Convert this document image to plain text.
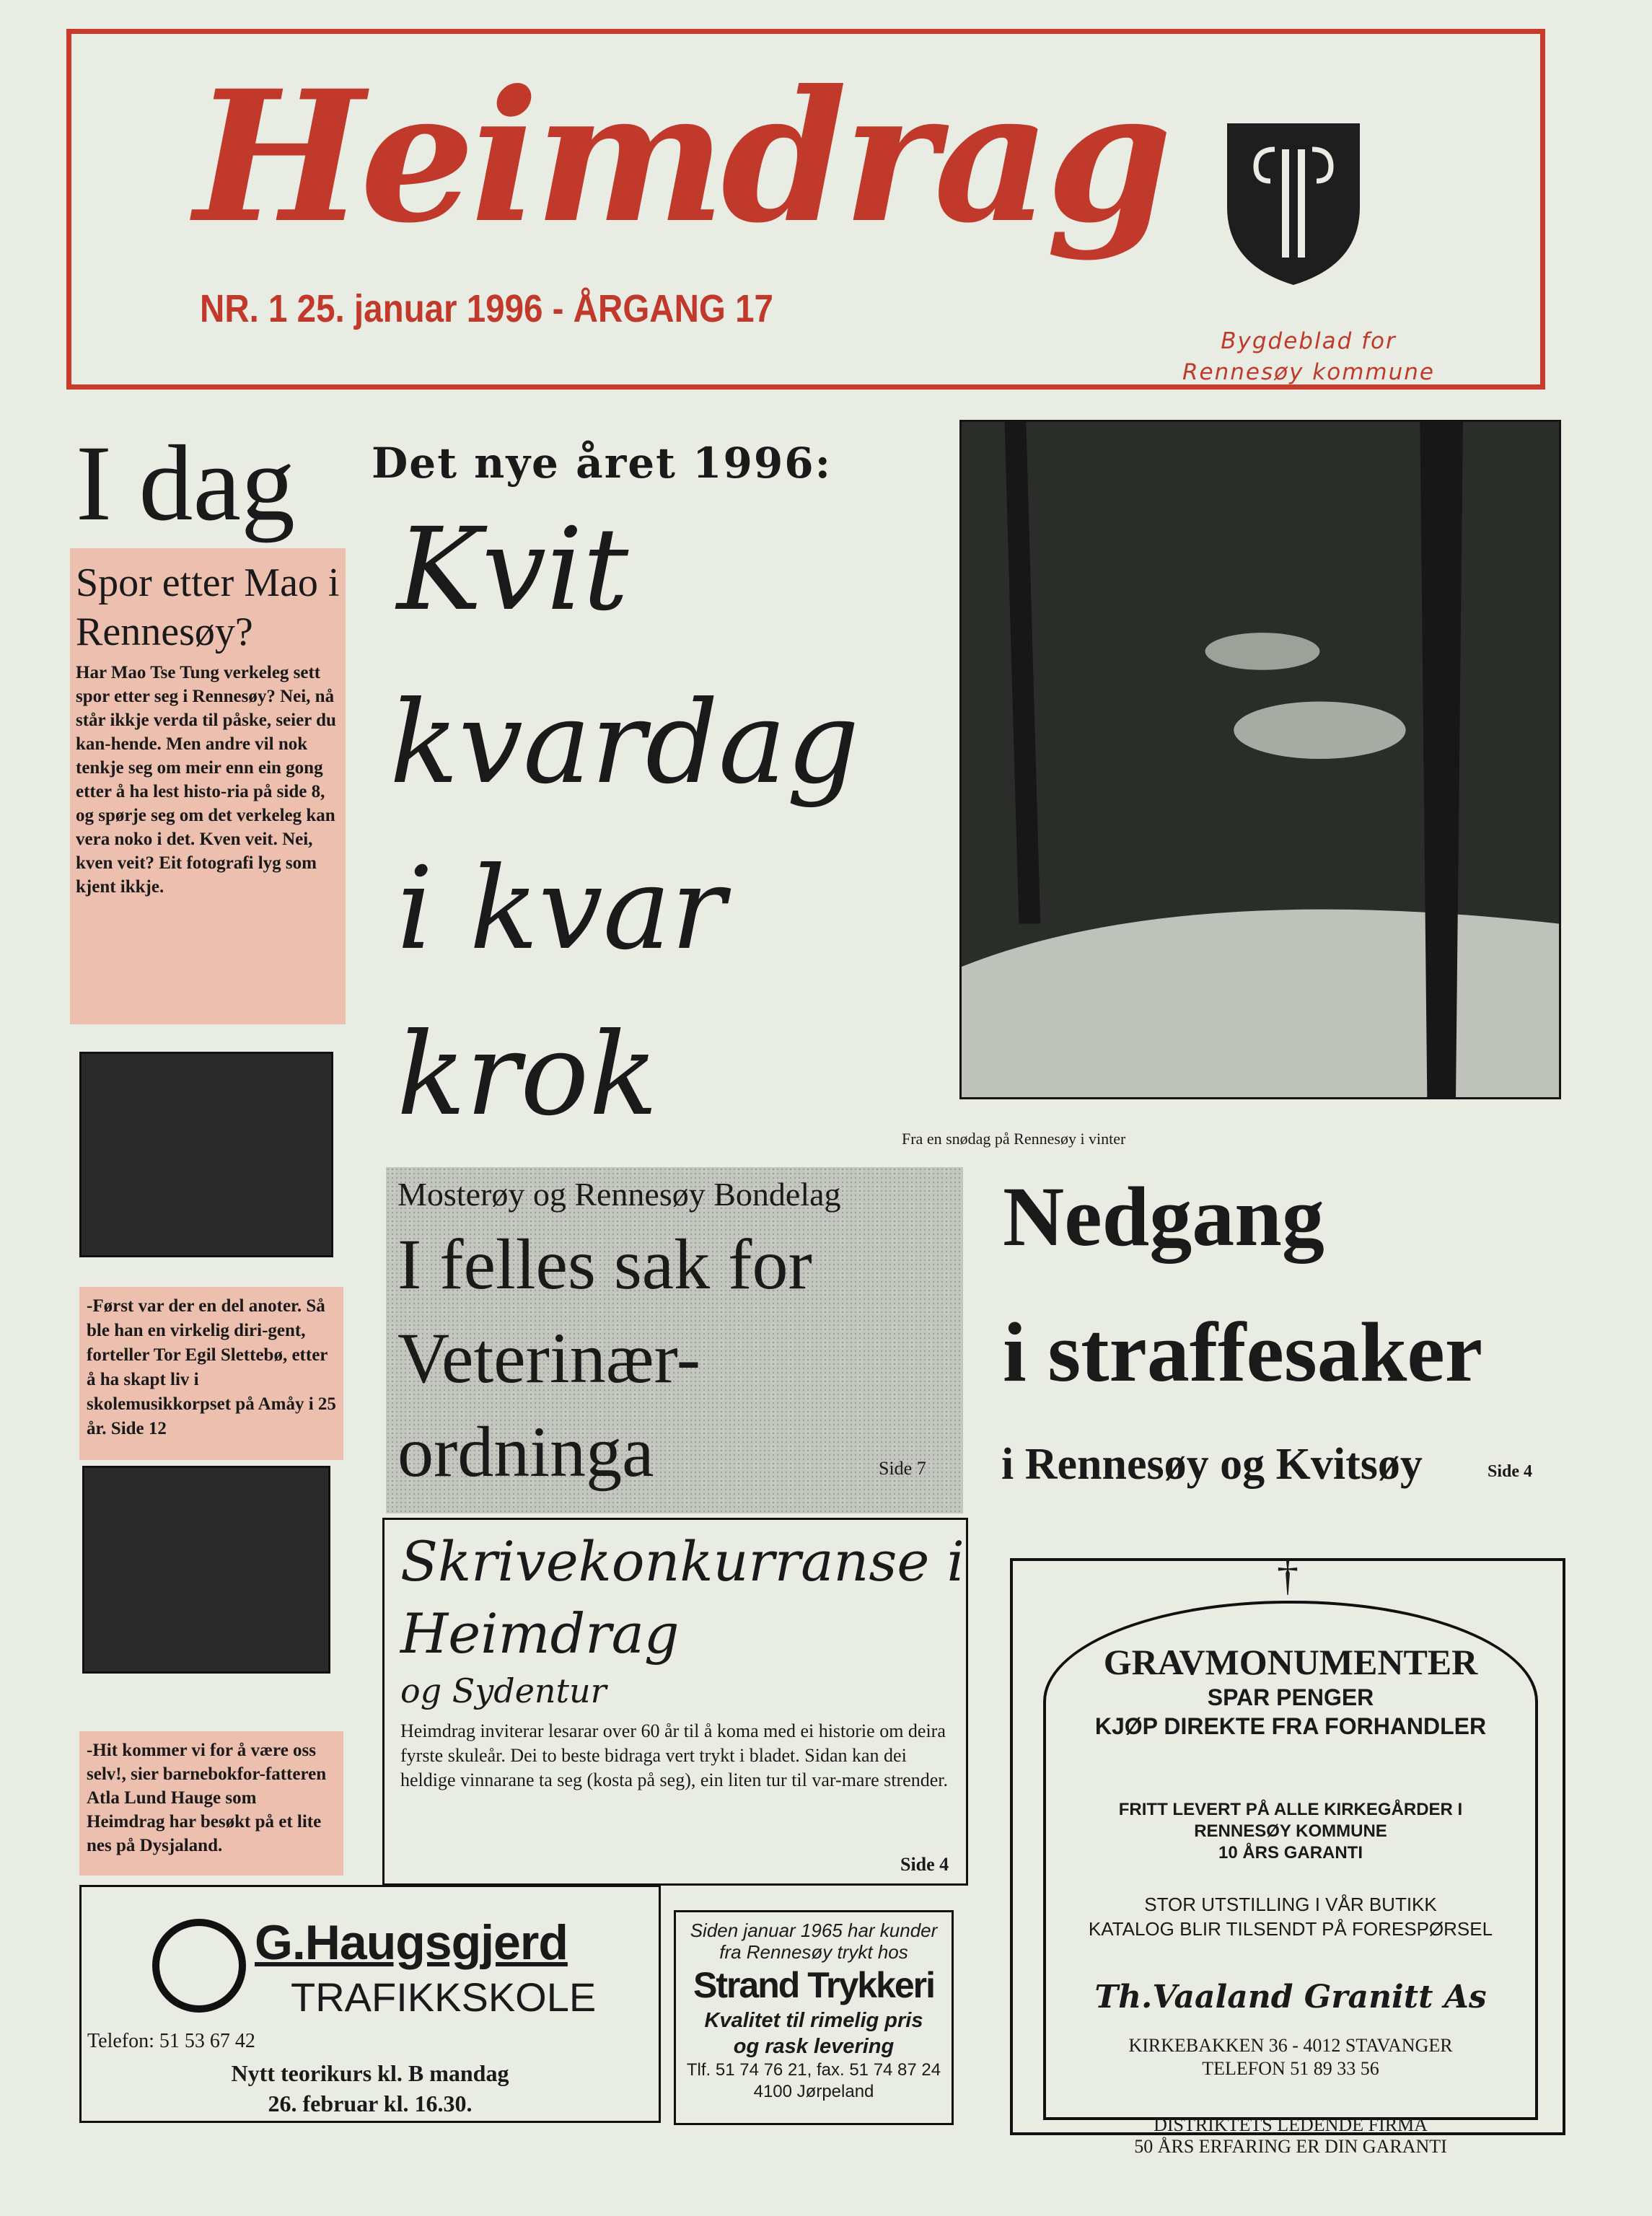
Heimdrag
NR. 1 25. januar 1996 - ÅRGANG 17
Bygdeblad for
Rennesøy kommune
I dag
Spor etter Mao i Rennesøy?

Har Mao Tse Tung verkeleg sett spor etter seg i Rennesøy? Nei, nå står ikkje verda til påske, seier du kan-hende. Men andre vil nok tenkje seg om meir enn ein gong etter å ha lest histo-ria på side 8, og spørje seg om det verkeleg kan vera noko i det. Kven veit. Nei, kven veit? Eit fotografi lyg som kjent ikkje.

-Først var der en del anoter. Så ble han en virkelig diri-gent, forteller Tor Egil Slettebø, etter å ha skapt liv i skolemusikkorpset på Amåy i 25 år. Side 12
-Hit kommer vi for å være oss selv!, sier barnebokfor-fatteren Atla Lund Hauge som Heimdrag har besøkt på et lite nes på Dysjaland.
Det nye året 1996:
Kvit
kvardag
i kvar
krok	Fra en snødag på Rennesøy i vinter
Mosterøy og Rennesøy Bondelag
I felles sak for Veterinær-ordninga	Side 7
Nedgang
i straffesaker
i Rennesøy og Kvitsøy	Side 4
Skrivekonkurranse i
Heimdrag
og Sydentur
Heimdrag inviterar lesarar over 60 år til å koma med ei historie om deira fyrste skuleår. Dei to beste bidraga vert trykt i bladet. Sidan kan dei heldige vinnarane ta seg (kosta på seg), ein liten tur til var-mare strender.
Side 4
G.Haugsgjerd
TRAFIKKSKOLE
Telefon: 51 53 67 42
Nytt teorikurs kl. B mandag
26. februar kl. 16.30.
Siden januar 1965 har kunder
fra Rennesøy trykt hos
Strand Trykkeri
Kvalitet til rimelig pris
og rask levering
Tlf. 51 74 76 21, fax. 51 74 87 24
4100 Jørpeland
†
GRAVMONUMENTER
SPAR PENGER
KJØP DIREKTE FRA FORHANDLER
FRITT LEVERT PÅ ALLE KIRKEGÅRDER I
RENNESØY KOMMUNE
10 ÅRS GARANTI
STOR UTSTILLING I VÅR BUTIKK
KATALOG BLIR TILSENDT PÅ FORESPØRSEL
Th.Vaaland Granitt As
KIRKEBAKKEN 36 - 4012 STAVANGER
TELEFON 51 89 33 56
DISTRIKTETS LEDENDE FIRMA
50 ÅRS ERFARING ER DIN GARANTI
